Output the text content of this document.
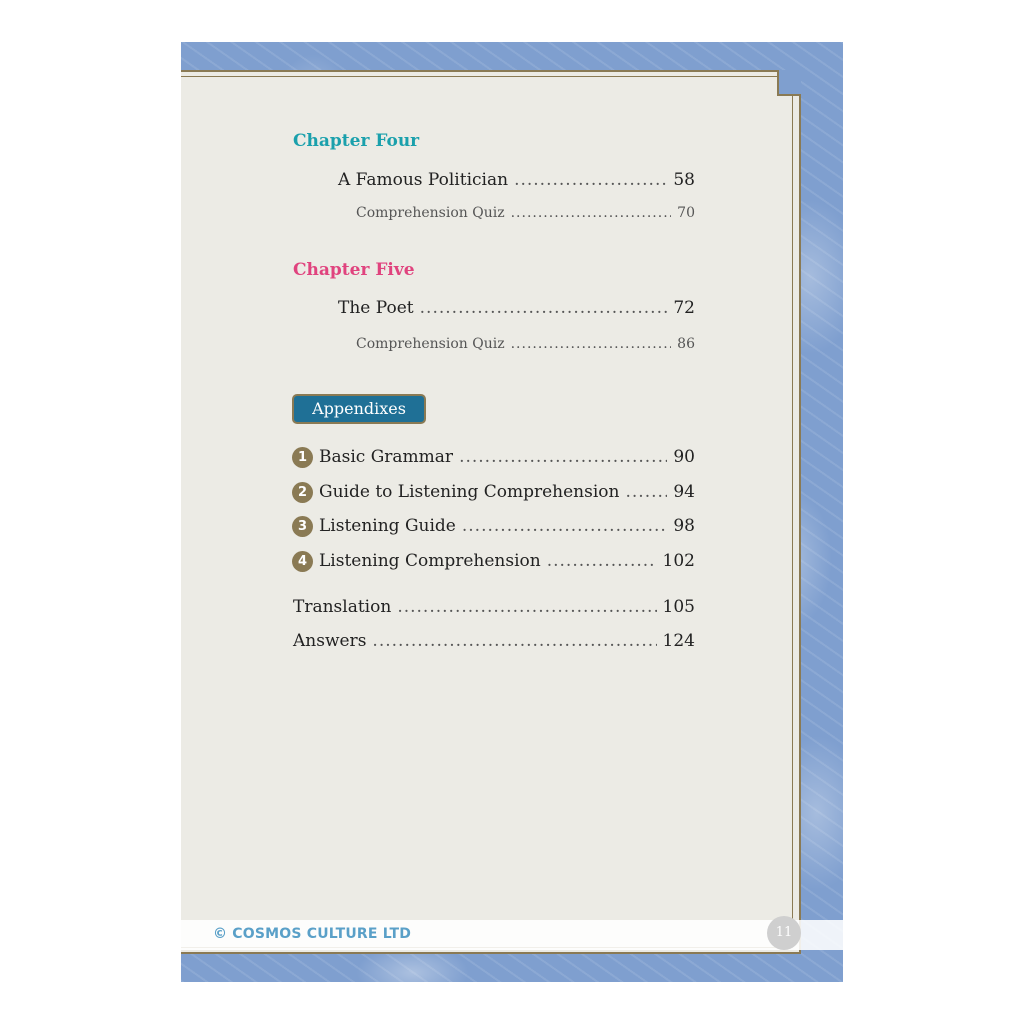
© COSMOS CULTURE LTD	11
Chapter Four
A Famous Politician .....	58
Comprehension Quiz .....	70
Chapter Five
The Poet .....	72
Comprehension Quiz .....	86
Appendixes
1 Basic Grammar .....	90
2 Guide to Listening Comprehension .....	94
3 Listening Guide .....	98
4 Listening Comprehension .....	102
Translation .....	105
Answers .....	124
